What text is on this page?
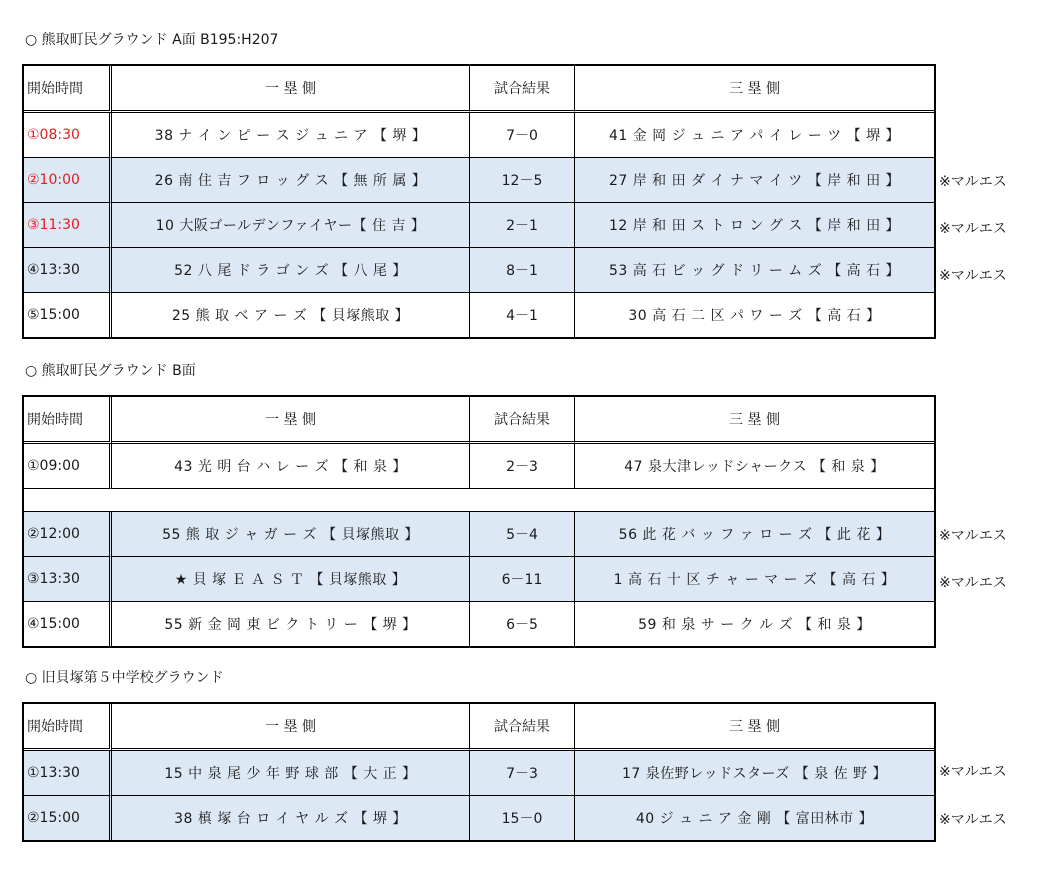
○ 熊取町民グラウンド A面 B195:H207
開始時間	一 塁 側	試合結果	三 塁 側
①08:30	38 ナ イ ン ピ ー ス ジ ュ ニ ア 【 堺 】	7－0	41 金 岡 ジ ュ ニ ア パ イ レ ー ツ 【 堺 】
②10:00	26 南 住 吉 フ ロ ッ グ ス 【 無 所 属 】	12－5	27 岸 和 田 ダ イ ナ マ イ ツ 【 岸 和 田 】
③11:30	10 大阪ゴールデンファイヤー【 住 吉 】	2－1	12 岸 和 田 ス ト ロ ン グ ス 【 岸 和 田 】
④13:30	52 八 尾 ド ラ ゴ ン ズ 【 八 尾 】	8－1	53 高 石 ビ ッ グ ド リ ー ム ズ 【 高 石 】
⑤15:00	25 熊 取 ベ ア ー ズ 【 貝塚熊取 】	4－1	30 高 石 二 区 パ ワ ー ズ 【 高 石 】
※マルエス
※マルエス
※マルエス
○ 熊取町民グラウンド B面
開始時間	一 塁 側	試合結果	三 塁 側
①09:00	43 光 明 台 ハ レ ー ズ 【 和 泉 】	2－3	47 泉大津レッドシャークス 【 和 泉 】

②12:00	55 熊 取 ジ ャ ガ ー ズ 【 貝塚熊取 】	5－4	56 此 花 バ ッ フ ァ ロ ー ズ 【 此 花 】
③13:30	★ 貝 塚 Ｅ Ａ Ｓ Ｔ 【 貝塚熊取 】	6－11	1 高 石 十 区 チ ャ ー マ ー ズ 【 高 石 】
④15:00	55 新 金 岡 東 ビ ク ト リ ー 【 堺 】	6－5	59 和 泉 サ ー ク ル ズ 【 和 泉 】
※マルエス
※マルエス
○ 旧貝塚第５中学校グラウンド
開始時間	一 塁 側	試合結果	三 塁 側
①13:30	15 中 泉 尾 少 年 野 球 部 【 大 正 】	7－3	17 泉佐野レッドスターズ 【 泉 佐 野 】
②15:00	38 槙 塚 台 ロ イ ヤ ル ズ 【 堺 】	15－0	40 ジ ュ ニ ア 金 剛 【 富田林市 】
※マルエス
※マルエス
